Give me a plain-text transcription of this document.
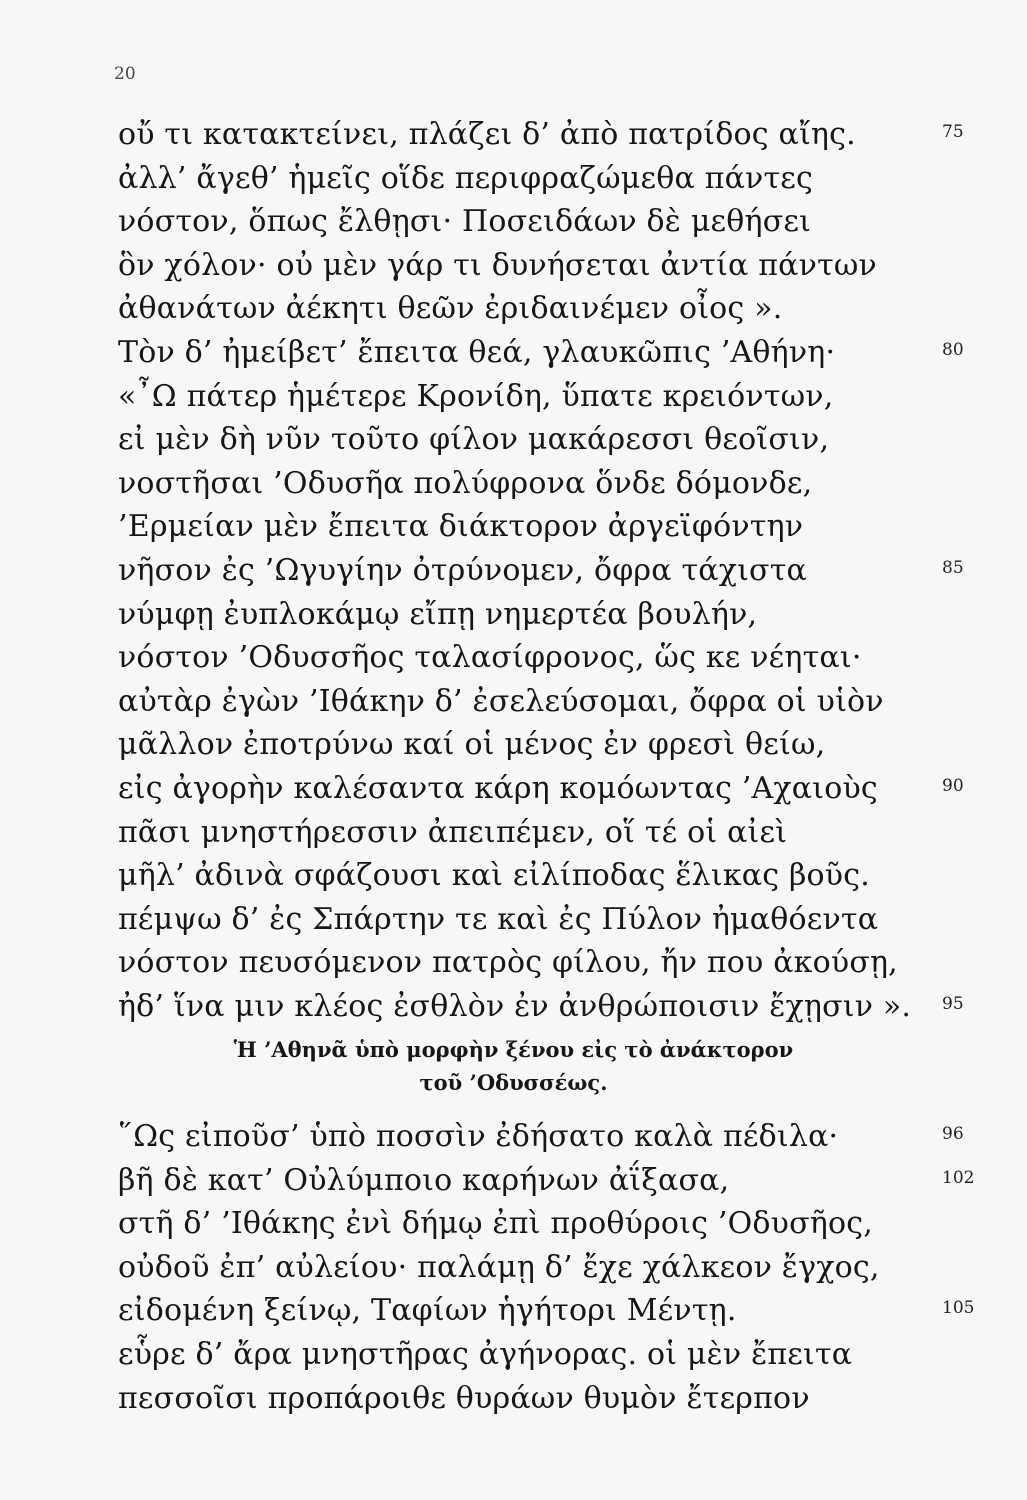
20
οὔ τι κατακτείνει, πλάζει δ’ ἀπὸ πατρίδος αἴης.	75
ἀλλ’ ἄγεθ’ ἡμεῖς οἵδε περιφραζώμεθα πάντες
νόστον, ὅπως ἔλθῃσι· Ποσειδάων δὲ μεθήσει
ὃν χόλον· οὐ μὲν γάρ τι δυνήσεται ἀντία πάντων
ἀθανάτων ἀέκητι θεῶν ἐριδαινέμεν οἶος ».
Τὸν δ’ ἠμείβετ’ ἔπειτα θεά, γλαυκῶπις ’Αθήνη·	80
«῏Ω πάτερ ἡμέτερε Κρονίδη, ὕπατε κρειόντων,
εἰ μὲν δὴ νῦν τοῦτο φίλον μακάρεσσι θεοῖσιν,
νοστῆσαι ’Οδυσῆα πολύφρονα ὅνδε δόμονδε,
’Ερμείαν μὲν ἔπειτα διάκτορον ἀργεϊφόντην
νῆσον ἐς ’Ωγυγίην ὀτρύνομεν, ὄφρα τάχιστα	85
νύμφῃ ἐυπλοκάμῳ εἴπῃ νημερτέα βουλήν,
νόστον ’Οδυσσῆος ταλασίφρονος, ὥς κε νέηται·
αὐτὰρ ἐγὼν ’Ιθάκην δ’ ἐσελεύσομαι, ὄφρα οἱ υἱὸν
μᾶλλον ἐποτρύνω καί οἱ μένος ἐν φρεσὶ θείω,
εἰς ἀγορὴν καλέσαντα κάρη κομόωντας ’Αχαιοὺς	90
πᾶσι μνηστήρεσσιν ἀπειπέμεν, οἵ τέ οἱ αἰεὶ
μῆλ’ ἀδινὰ σφάζουσι καὶ εἰλίποδας ἕλικας βοῦς.
πέμψω δ’ ἐς Σπάρτην τε καὶ ἐς Πύλον ἠμαθόεντα
νόστον πευσόμενον πατρὸς φίλου, ἤν που ἀκούσῃ,
ἠδ’ ἵνα μιν κλέος ἐσθλὸν ἐν ἀνθρώποισιν ἔχῃσιν ». 95
Ἡ ’Αθηνᾶ ὑπὸ μορφὴν ξένου εἰς τὸ ἀνάκτορον
τοῦ ’Οδυσσέως.
῞Ως εἰποῦσ’ ὑπὸ ποσσὶν ἐδήσατο καλὰ πέδιλα·	96
βῆ δὲ κατ’ Οὐλύμποιο καρήνων ἀΐξασα,	102
στῆ δ’ ’Ιθάκης ἐνὶ δήμῳ ἐπὶ προθύροις ’Οδυσῆος,
οὐδοῦ ἐπ’ αὐλείου· παλάμῃ δ’ ἔχε χάλκεον ἔγχος,
εἰδομένη ξείνῳ, Ταφίων ἡγήτορι Μέντῃ.	105
εὗρε δ’ ἄρα μνηστῆρας ἀγήνορας. οἱ μὲν ἔπειτα
πεσσοῖσι προπάροιθε θυράων θυμὸν ἔτερπον
